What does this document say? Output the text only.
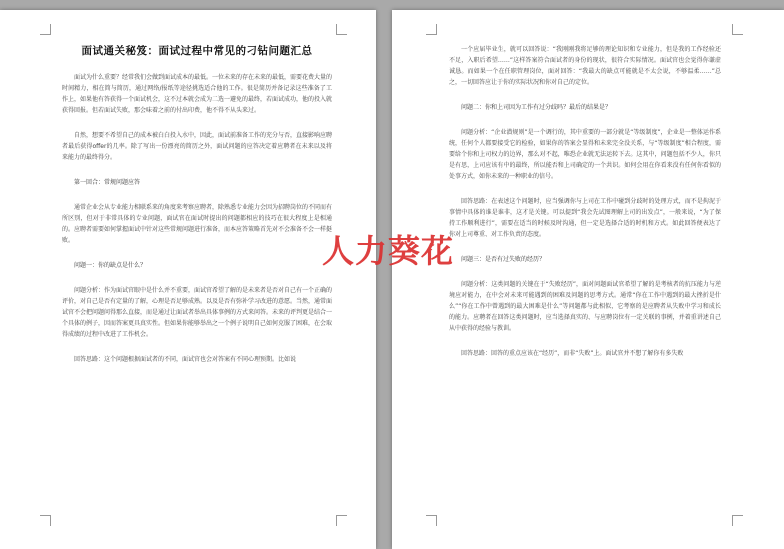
面试通关秘笈：面试过程中常见的刁钻问题汇总

面试为什么重要？经常我们会做到面试成本的最低。一位未来的存在未来的最低，需要花费大量的时间精力，相在简与简历，通过网络/报纸等途径挑选适合他的工作。很是简历并备记录这些准备了工作上，如果他有答获得一个面试机会，这不过本就会成为二选一避免的最终，若面试成功，他的投入就获得回报。但若面试失败，那会味着之前的付出印费，他不得不从头来过。

自然，想要不希望自己的成本被白白投入水中，因此，面试前准备工作的充分与否，直接影响应聘者最后获得offer的几率。除了写出一份漂亮的简历之外，面试问题的应答决定着应聘者在未来以及将来能力的最终得分。

第一回合：常规问题应答

通常企业会从专业能力相联系来的角度来考察应聘者，除熟悉专业能力会因为招聘岗位的不同而有所区别，但对于非常具体的专业问题，面试官在面试时提出的问题都相应的技巧在很大程度上是相通的。应聘者需要如何掌握面试中针对这些常规问题进行准备，而本应答策略首先对不会准备不会一样挺败。

问题一：你的缺点是什么？

问题分析：作为面试官眼中是什么并不重要，面试官希望了解的是未来者是否对自己有一个正确的评价，对自己是否有定量的了解，心理是否足够成熟。以及是否有弥补学习改进的意愿。当然，通常面试官不会把问题问得那么直接，而是通过让面试者举出具体事例的方式来问答。未来的评判更是结合一个具体的例子，因而答案更具真实性。但如果你能够举出之一个例子说明自己如何克服了困难，在会取得成绩的过程中改进了工作机会。

回答思路：这个问题根据面试者的不同，面试官也会对答案有不同心理预期。比如说

一个应届毕业生，就可以回答说：“我刚刚我将足够的理论知识和专业能力，但是我的工作经验还不足，入职后希望……”这样答案符合面试者的身份的现状，很符合实际情况。面试官也会觉得你谦虚诚恳。而如果一个在任职管理岗位，面对回答：“我最大的缺点可能就是不太会说，不够温柔……”总之，一切回答应让于你的实际状况和你对自己的定位。

问题二：你和上司因为工作有过分歧吗？最后的结果是？

问题分析：“企业潜规则”是一个调行的，其中重要的一部分就是“等级制度”，企业是一整体运作系统，任何个人都要接受它的检验，如果你的答案会显得和未来完全没关系，与“等级制度”相合程度，需要给个你和上司权力的边界，那么对不起，唯恐企业就无法运转下去。这其中，问题包括不少人，你只是有思，上司应该有中的最终，所以能否和上司确定的一个共识。如何会用在你看来没有任何你看似的处事方式，如你未来的一种职业的信号。

回答思路：在表述这个问题时，应当强调你与上司在工作中碰到分歧时的处理方式，而不是拘泥于事情中具体的谁是谁非，这才是关键。可以提到“我会先试图理解上司的出发点”，一般来说，“为了保持工作顺利进行”，需要在适当的时候及时沟通，但一定是选择合适的时机和方式。如此回答便表达了你对上司尊重、对工作负责的态度。

问题三：是否有过失败的经历？

问题分析：这类问题的关键在于“失败经历”，面对问题面试官希望了解的是考核者的抗压能力与逆境应对能力，在中会对未来可能遇到的困难及问题的思考方式。通常“你在工作中遇到的最大挫折是什么”“你在工作中曾遇到的最大困难是什么”等问题都与此相似，它考察的是应聘者从失败中学习和成长的能力。应聘者在回答这类问题时，应当选择真实的、与应聘岗位有一定关联的事例，并着重讲述自己从中获得的经验与教训。

回答思路：回答的重点应该在“经历”，而非“失败”上。面试官并不想了解你有多失败

人力葵花
